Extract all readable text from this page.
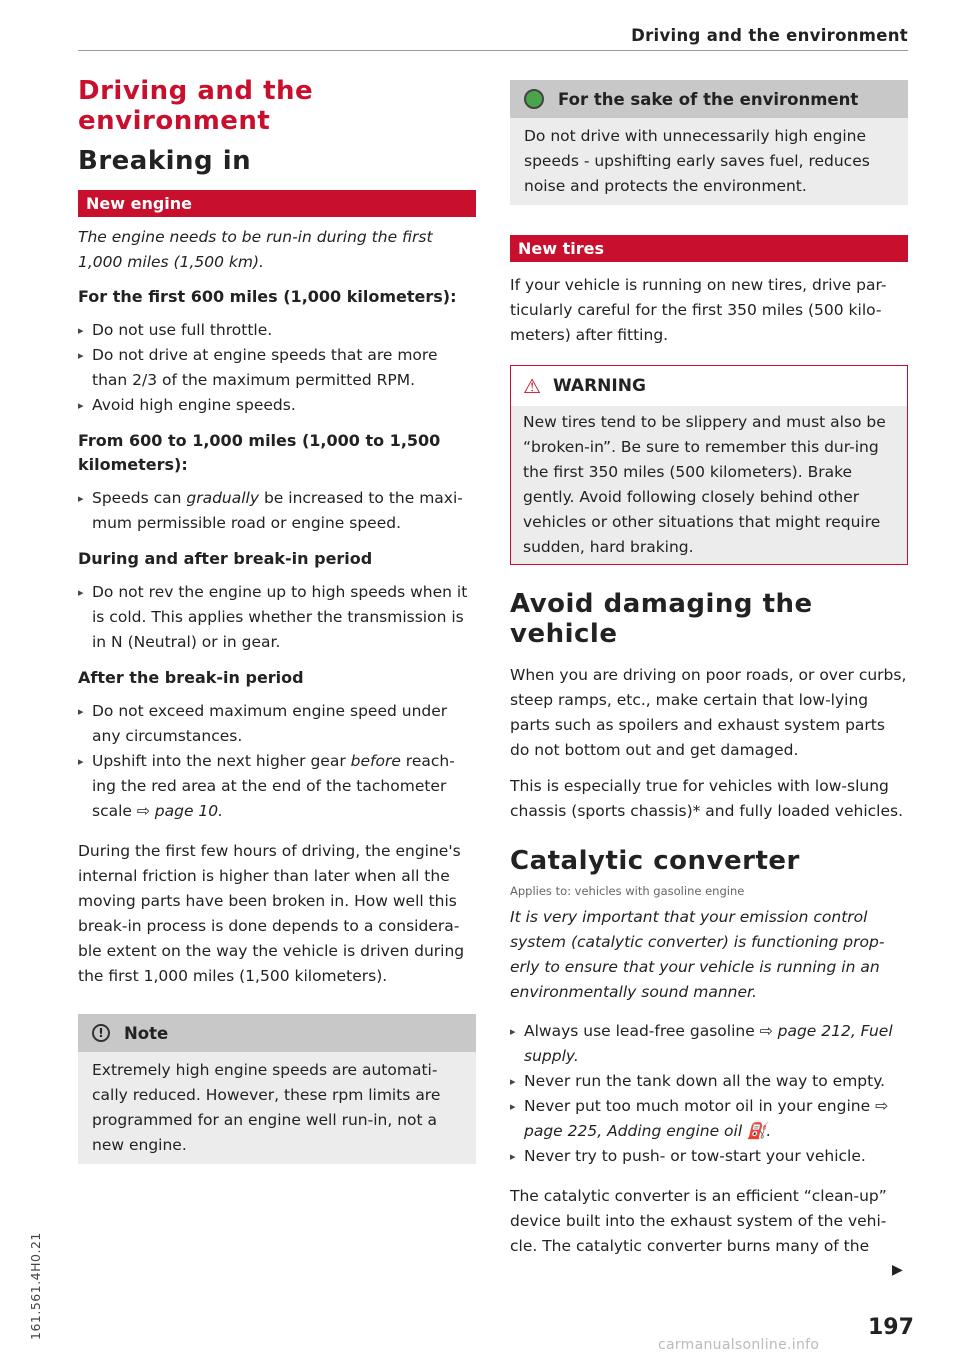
Driving and the environment
Driving and the
environment
Breaking in
New engine

The engine needs to be run-in during the first
1,000 miles (1,500 km).

For the first 600 miles (1,000 kilometers):
▸ Do not use full throttle.
▸ Do not drive at engine speeds that are more than 2/3 of the maximum permitted RPM.
▸ Avoid high engine speeds.
From 600 to 1,000 miles (1,000 to 1,500 kilometers):
▸ Speeds can gradually be increased to the maxi-mum permissible road or engine speed.
During and after break-in period
▸ Do not rev the engine up to high speeds when it is cold. This applies whether the transmission is in N (Neutral) or in gear.
After the break-in period
▸ Do not exceed maximum engine speed under any circumstances.
▸ Upshift into the next higher gear before reach-ing the red area at the end of the tachometer scale ⇨ page 10.

During the first few hours of driving, the engine's internal friction is higher than later when all the moving parts have been broken in. How well this break-in process is done depends to a considera-ble extent on the way the vehicle is driven during the first 1,000 miles (1,500 kilometers).

!	Note

Extremely high engine speeds are automati-cally reduced. However, these rpm limits are programmed for an engine well run-in, not a new engine.

For the sake of the environment

Do not drive with unnecessarily high engine speeds - upshifting early saves fuel, reduces noise and protects the environment.

New tires

If your vehicle is running on new tires, drive par-ticularly careful for the first 350 miles (500 kilo-meters) after fitting.

⚠ WARNING

New tires tend to be slippery and must also be “broken-in”. Be sure to remember this dur-ing the first 350 miles (500 kilometers). Brake gently. Avoid following closely behind other vehicles or other situations that might require sudden, hard braking.

Avoid damaging the
vehicle

When you are driving on poor roads, or over curbs, steep ramps, etc., make certain that low-lying parts such as spoilers and exhaust system parts do not bottom out and get damaged.

This is especially true for vehicles with low-slung chassis (sports chassis)* and fully loaded vehicles.

Catalytic converter

Applies to: vehicles with gasoline engine

It is very important that your emission control system (catalytic converter) is functioning prop-erly to ensure that your vehicle is running in an environmentally sound manner.

▸ Always use lead-free gasoline ⇨ page 212, Fuel supply.
▸ Never run the tank down all the way to empty.
▸ Never put too much motor oil in your engine ⇨ page 225, Adding engine oil ⛽.
▸ Never try to push- or tow-start your vehicle.

The catalytic converter is an efficient “clean-up” device built into the exhaust system of the vehi-cle. The catalytic converter burns many of the

▶
197
161.561.4H0.21
carmanualsonline.info
